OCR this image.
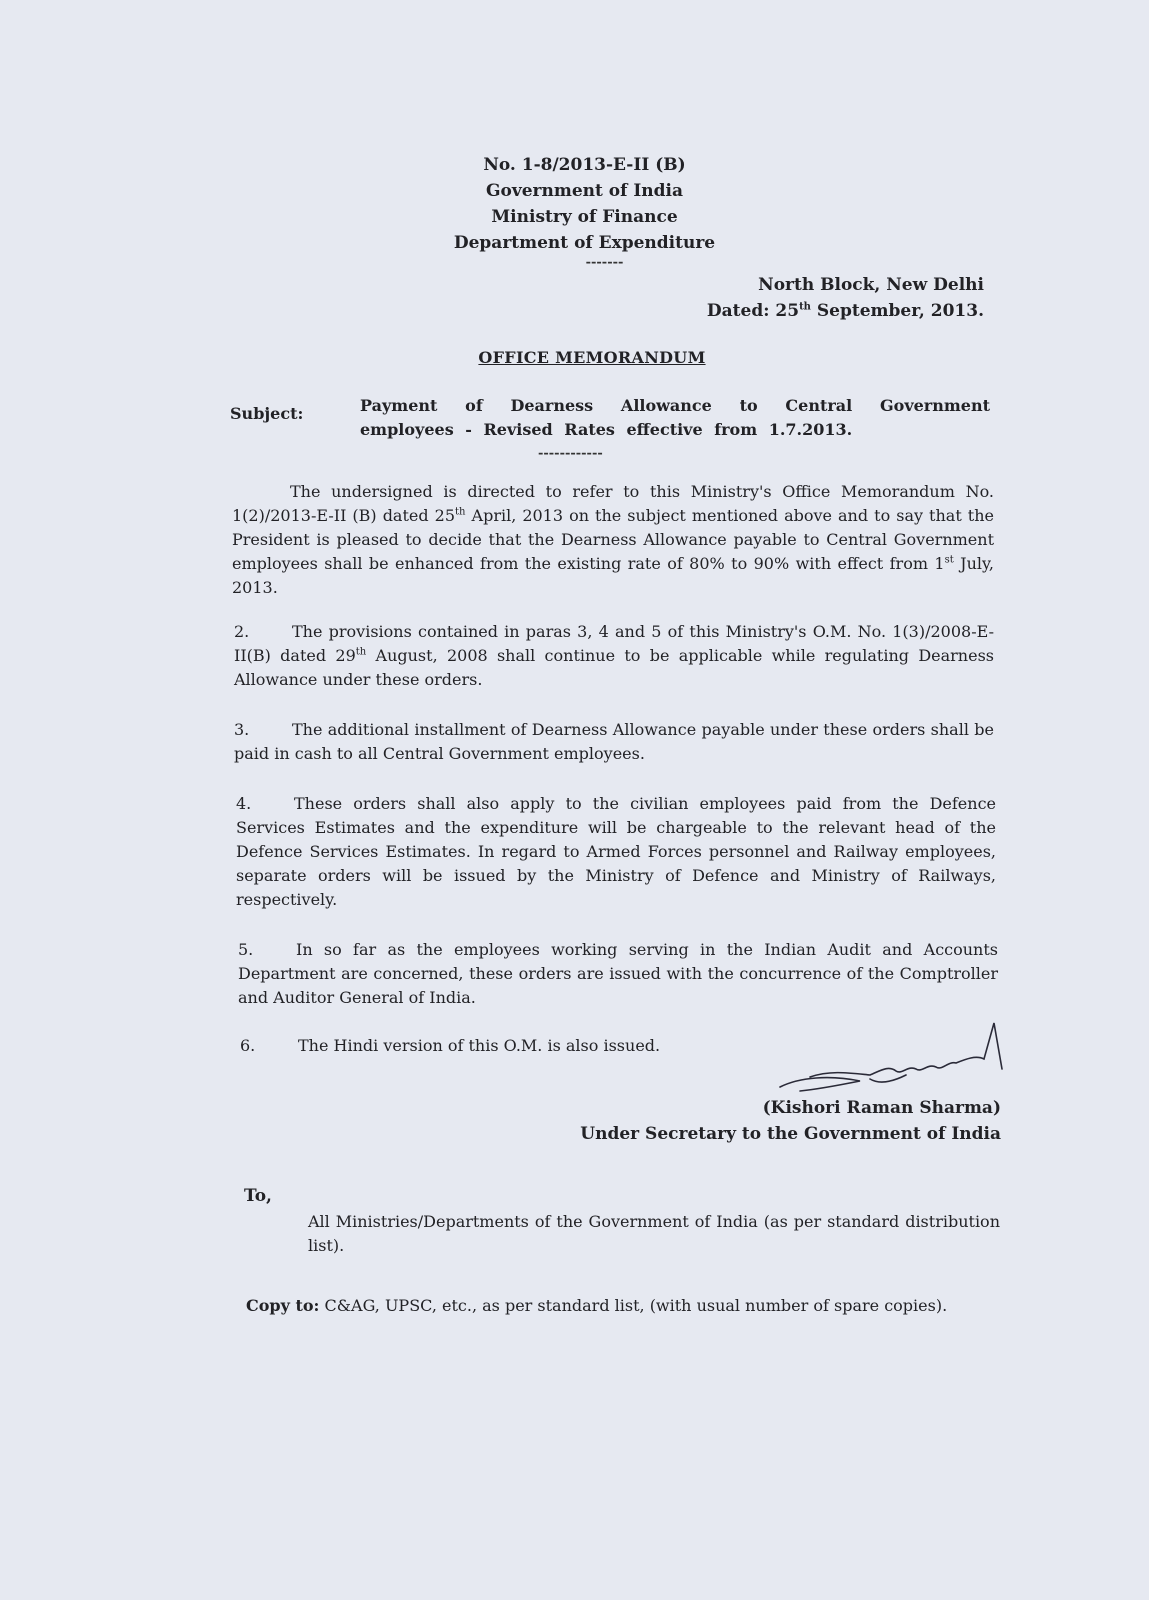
No. 1-8/2013-E-II (B)
Government of India
Ministry of Finance
Department of Expenditure
-------
North Block, New Delhi
Dated: 25th September, 2013.
OFFICE MEMORANDUM
Subject:	Payment of Dearness Allowance to Central Government employees - Revised Rates effective from 1.7.2013.
------------
The undersigned is directed to refer to this Ministry's Office Memorandum No. 1(2)/2013-E-II (B) dated 25th April, 2013 on the subject mentioned above and to say that the President is pleased to decide that the Dearness Allowance payable to Central Government employees shall be enhanced from the existing rate of 80% to 90% with effect from 1st July, 2013.
2.	The provisions contained in paras 3, 4 and 5 of this Ministry's O.M. No. 1(3)/2008-E-II(B) dated 29th August, 2008 shall continue to be applicable while regulating Dearness Allowance under these orders.
3.	The additional installment of Dearness Allowance payable under these orders shall be paid in cash to all Central Government employees.
4.	These orders shall also apply to the civilian employees paid from the Defence Services Estimates and the expenditure will be chargeable to the relevant head of the Defence Services Estimates. In regard to Armed Forces personnel and Railway employees, separate orders will be issued by the Ministry of Defence and Ministry of Railways, respectively.
5.	In so far as the employees working serving in the Indian Audit and Accounts Department are concerned, these orders are issued with the concurrence of the Comptroller and Auditor General of India.
6.	The Hindi version of this O.M. is also issued.
(Kishori Raman Sharma)
Under Secretary to the Government of India
To,
All Ministries/Departments of the Government of India (as per standard distribution list).
Copy to: C&AG, UPSC, etc., as per standard list, (with usual number of spare copies).
